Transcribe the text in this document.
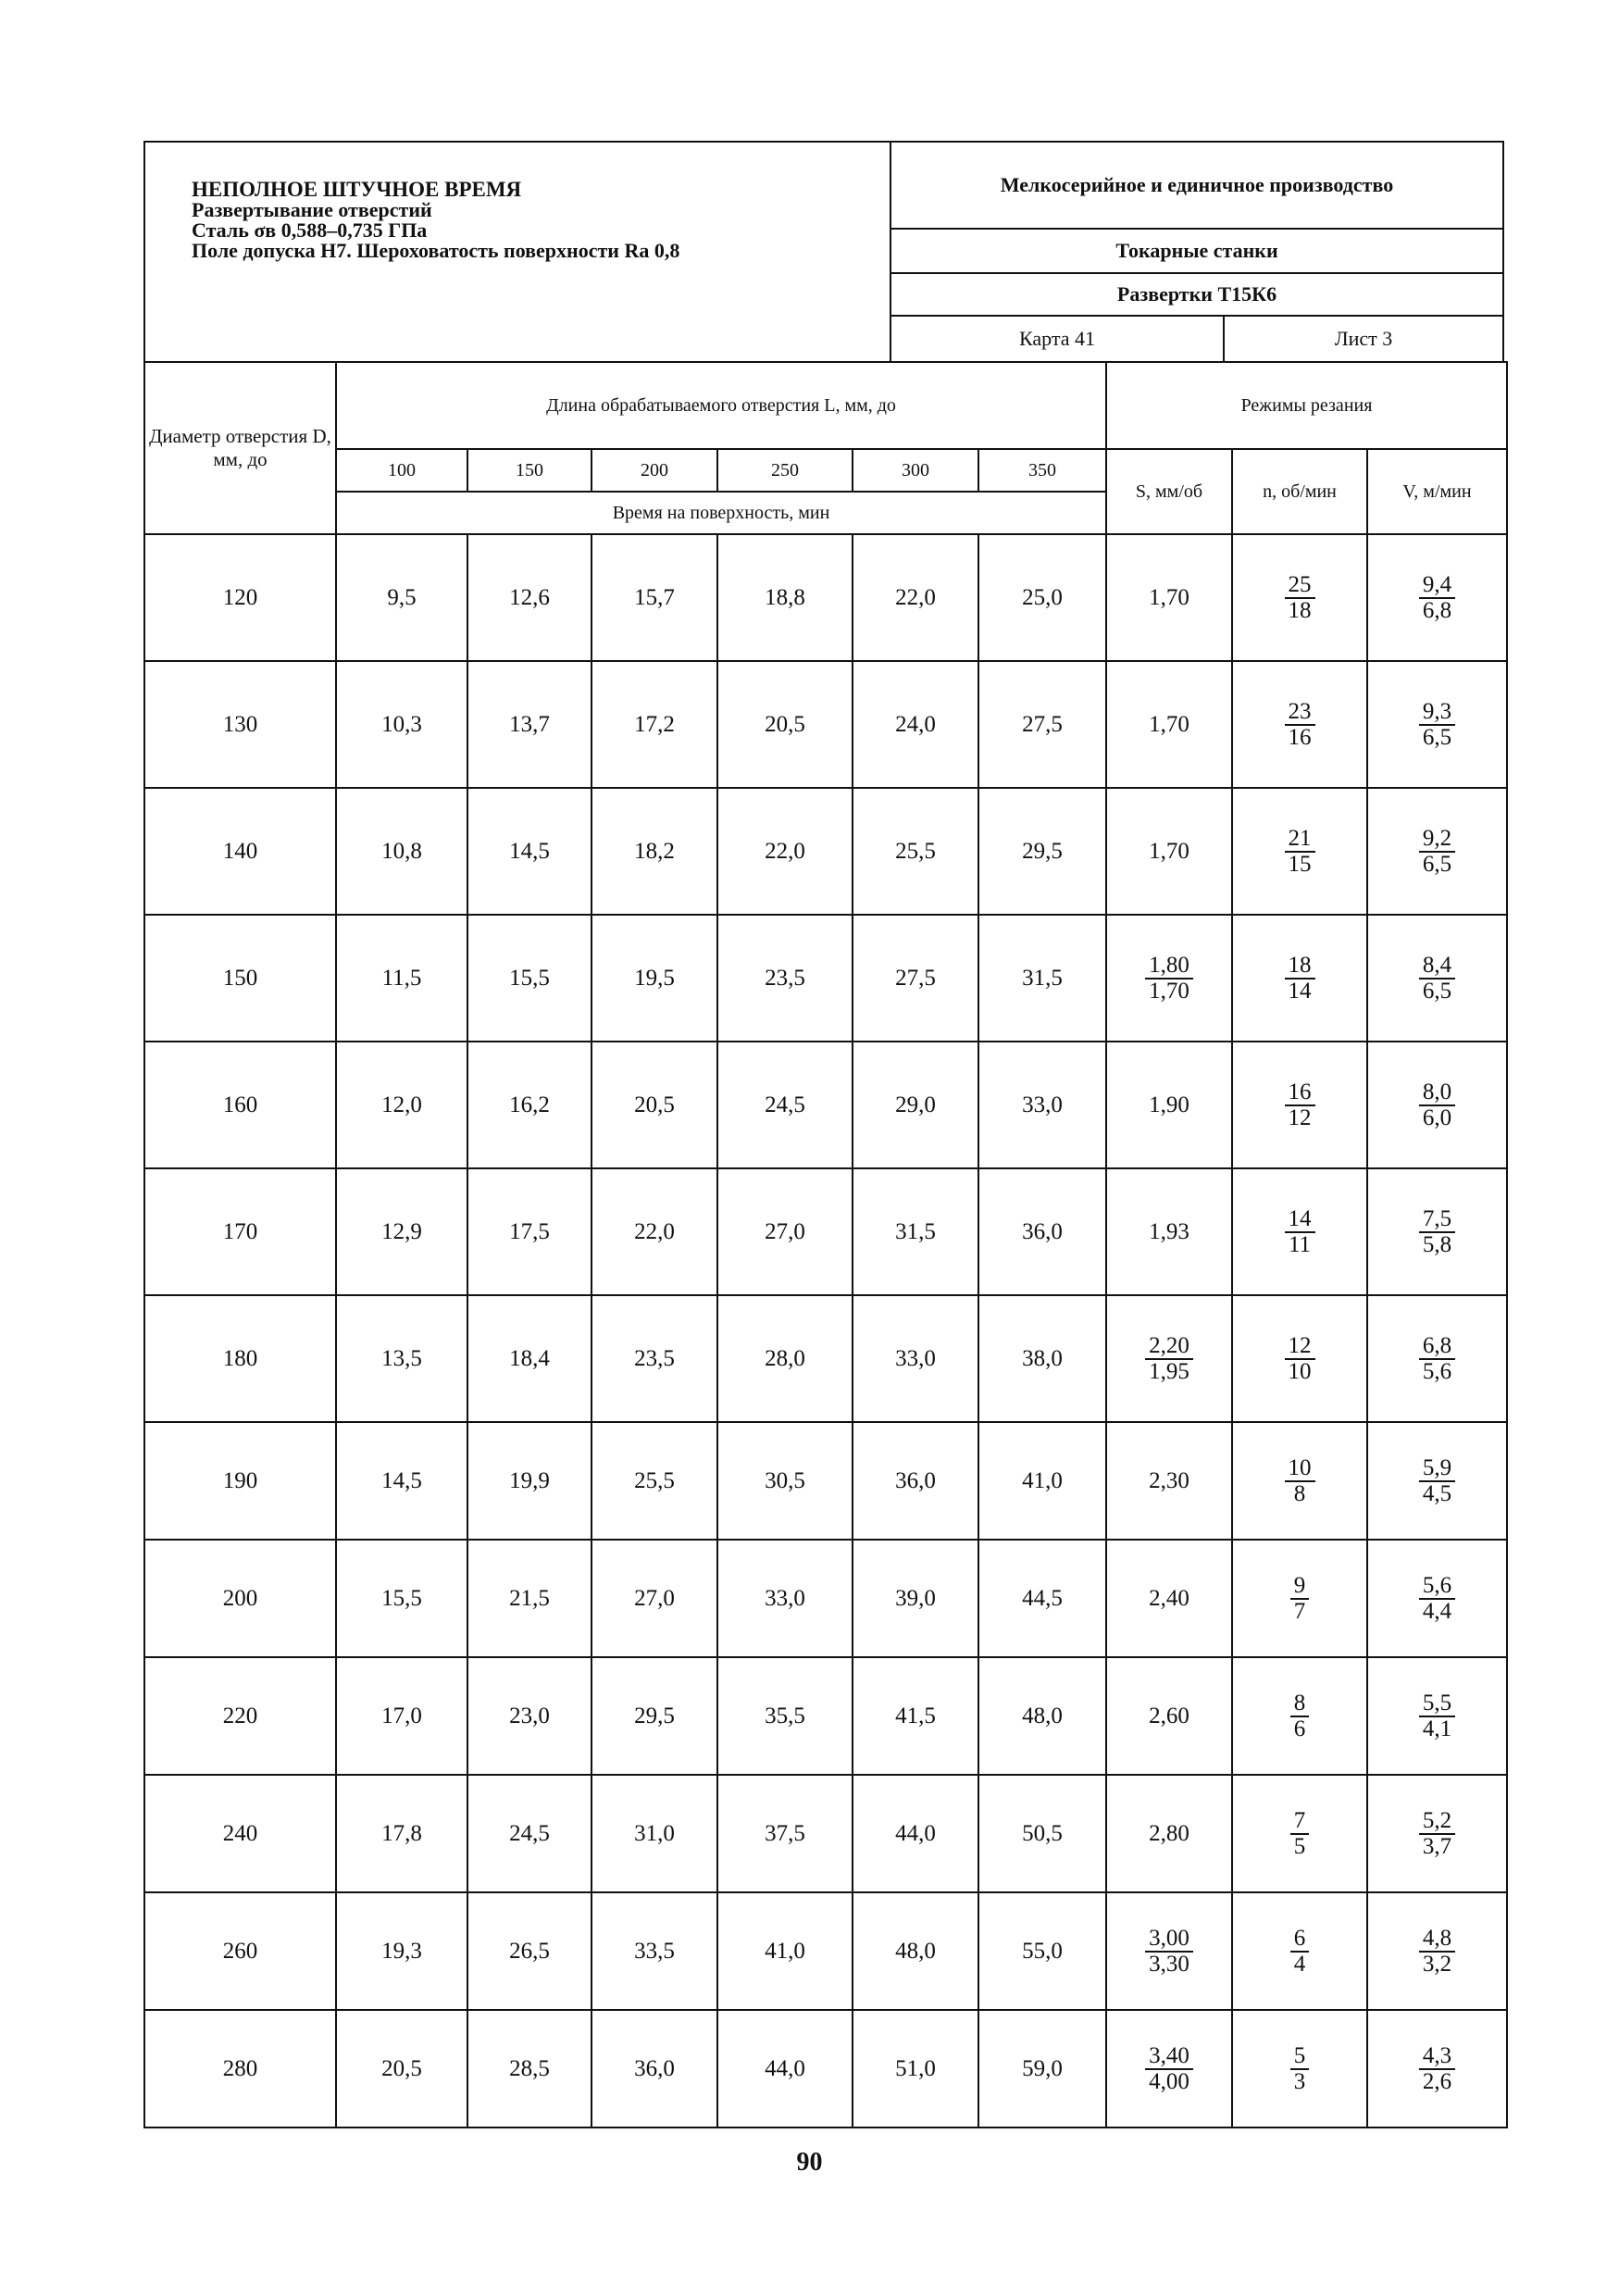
НЕПОЛНОЕ ШТУЧНОЕ ВРЕМЯ
Развертывание отверстий
Сталь σв 0,588–0,735 ГПа
Поле допуска Н7. Шероховатость поверхности Ra 0,8
Мелкосерийное и единичное производство
Токарные станки
Развертки Т15К6
Карта 41	Лист 3
Диаметр отверстия D, мм, до	Длина обрабатываемого отверстия L, мм, до						Режимы резания		
	100	150	200	250	300	350	S, мм/об	n, об/мин	V, м/мин
	Время на поверхность, мин								
120	9,5	12,6	15,7	18,8	22,0	25,0	1,70	$\frac{25}{18}$	$\frac{9,4}{6,8}$

130	10,3	13,7	17,2	20,5	24,0	27,5	1,70	$\frac{23}{16}$	$\frac{9,3}{6,5}$

140	10,8	14,5	18,2	22,0	25,5	29,5	1,70	$\frac{21}{15}$	$\frac{9,2}{6,5}$

150	11,5	15,5	19,5	23,5	27,5	31,5	$\frac{1,80}{1,70}$	$\frac{18}{14}$	$\frac{8,4}{6,5}$

160	12,0	16,2	20,5	24,5	29,0	33,0	1,90	$\frac{16}{12}$	$\frac{8,0}{6,0}$

170	12,9	17,5	22,0	27,0	31,5	36,0	1,93	$\frac{14}{11}$	$\frac{7,5}{5,8}$

180	13,5	18,4	23,5	28,0	33,0	38,0	$\frac{2,20}{1,95}$	$\frac{12}{10}$	$\frac{6,8}{5,6}$

190	14,5	19,9	25,5	30,5	36,0	41,0	2,30	$\frac{10}{8}$	$\frac{5,9}{4,5}$

200	15,5	21,5	27,0	33,0	39,0	44,5	2,40	$\frac{9}{7}$	$\frac{5,6}{4,4}$

220	17,0	23,0	29,5	35,5	41,5	48,0	2,60	$\frac{8}{6}$	$\frac{5,5}{4,1}$

240	17,8	24,5	31,0	37,5	44,0	50,5	2,80	$\frac{7}{5}$	$\frac{5,2}{3,7}$

260	19,3	26,5	33,5	41,0	48,0	55,0	$\frac{3,00}{3,30}$	$\frac{6}{4}$	$\frac{4,8}{3,2}$

280	20,5	28,5	36,0	44,0	51,0	59,0	$\frac{3,40}{4,00}$	$\frac{5}{3}$	$\frac{4,3}{2,6}$
90
